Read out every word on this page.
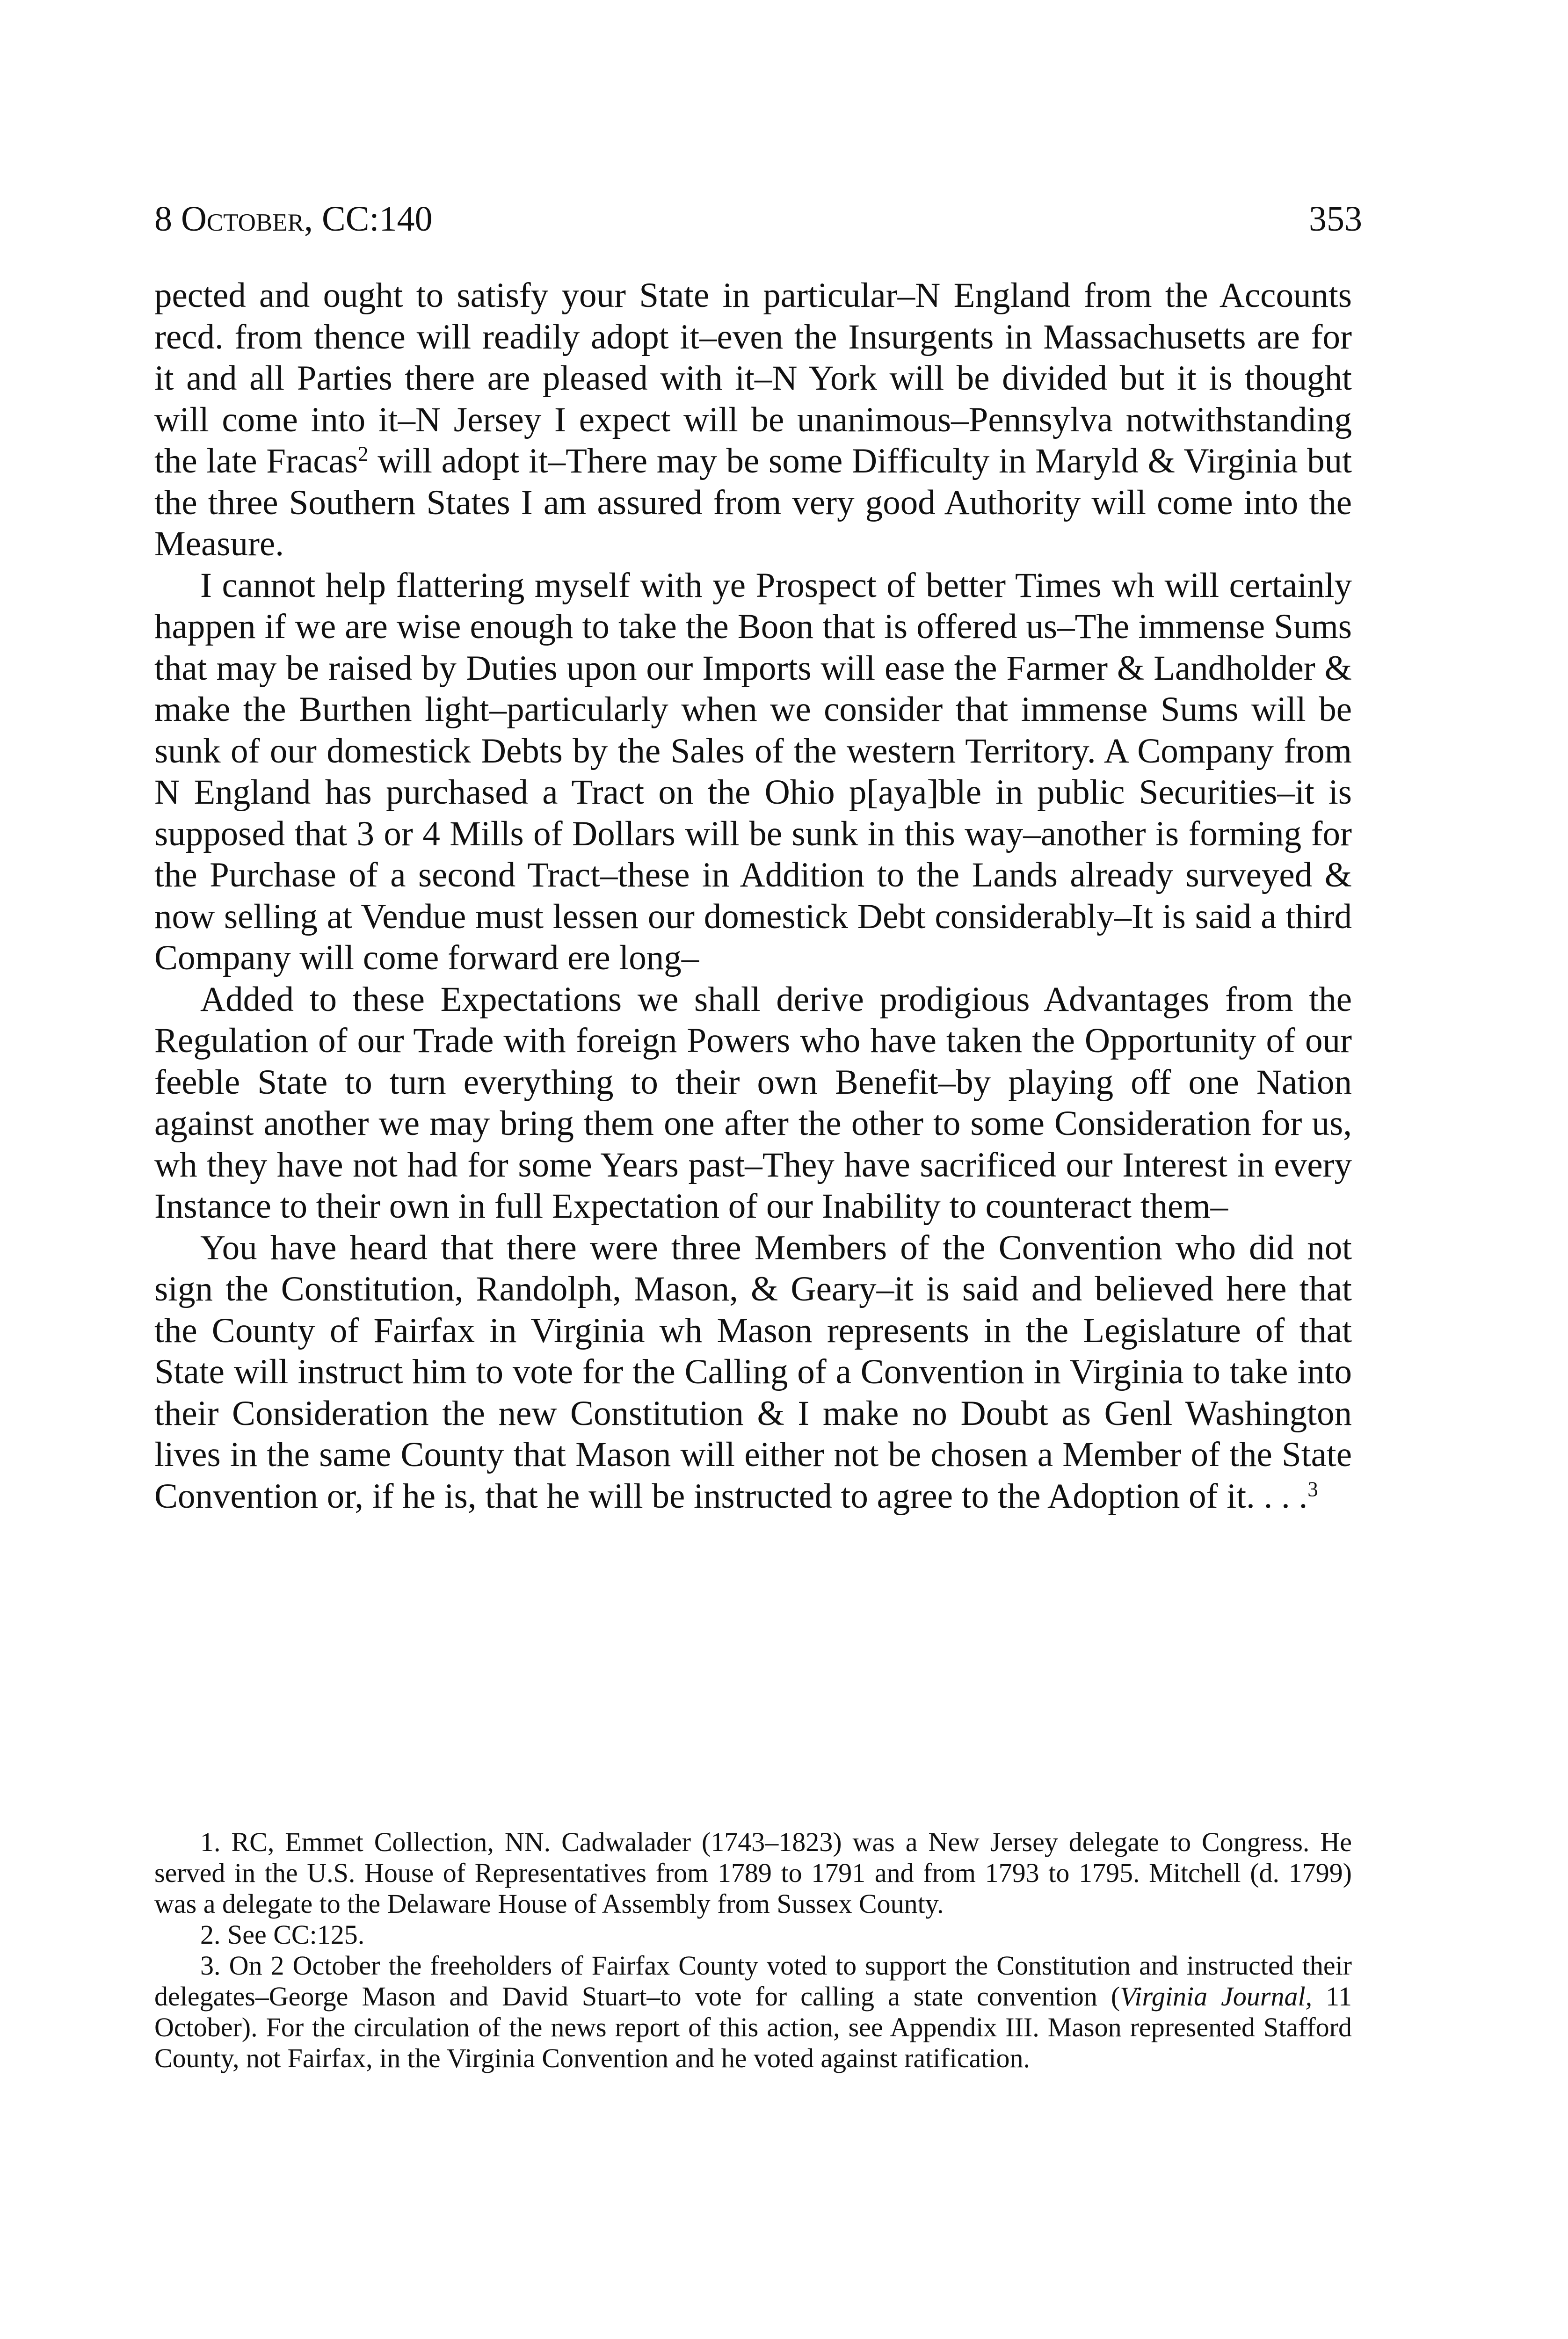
8 October, CC:140	353

pected and ought to satisfy your State in particular–N England from the Accounts recd. from thence will readily adopt it–even the Insurgents in Massachusetts are for it and all Parties there are pleased with it–N York will be divided but it is thought will come into it–N Jersey I expect will be unanimous–Pennsylva notwithstanding the late Fracas$^2$ will adopt it–There may be some Difficulty in Maryld & Virginia but the three Southern States I am assured from very good Authority will come into the Measure.

I cannot help flattering myself with ye Prospect of better Times wh will certainly happen if we are wise enough to take the Boon that is offered us–The immense Sums that may be raised by Duties upon our Imports will ease the Farmer & Landholder & make the Burthen light–particularly when we consider that immense Sums will be sunk of our domestick Debts by the Sales of the western Territory. A Company from N England has purchased a Tract on the Ohio p[aya]ble in public Securities–it is supposed that 3 or 4 Mills of Dollars will be sunk in this way–another is forming for the Purchase of a second Tract–these in Addition to the Lands already surveyed & now selling at Vendue must lessen our domestick Debt considerably–It is said a third Company will come forward ere long–

Added to these Expectations we shall derive prodigious Advantages from the Regulation of our Trade with foreign Powers who have taken the Opportunity of our feeble State to turn everything to their own Benefit–by playing off one Nation against another we may bring them one after the other to some Consideration for us, wh they have not had for some Years past–They have sacrificed our Interest in every Instance to their own in full Expectation of our Inability to counteract them–

You have heard that there were three Members of the Convention who did not sign the Constitution, Randolph, Mason, & Geary–it is said and believed here that the County of Fairfax in Virginia wh Mason represents in the Legislature of that State will instruct him to vote for the Calling of a Convention in Virginia to take into their Consideration the new Constitution & I make no Doubt as Genl Washington lives in the same County that Mason will either not be chosen a Member of the State Convention or, if he is, that he will be instructed to agree to the Adoption of it. . . .$^3$

1. RC, Emmet Collection, NN. Cadwalader (1743–1823) was a New Jersey delegate to Congress. He served in the U.S. House of Representatives from 1789 to 1791 and from 1793 to 1795. Mitchell (d. 1799) was a delegate to the Delaware House of Assembly from Sussex County.

2. See CC:125.

3. On 2 October the freeholders of Fairfax County voted to support the Constitution and instructed their delegates–George Mason and David Stuart–to vote for calling a state convention (Virginia Journal, 11 October). For the circulation of the news report of this action, see Appendix III. Mason represented Stafford County, not Fairfax, in the Virginia Convention and he voted against ratification.
